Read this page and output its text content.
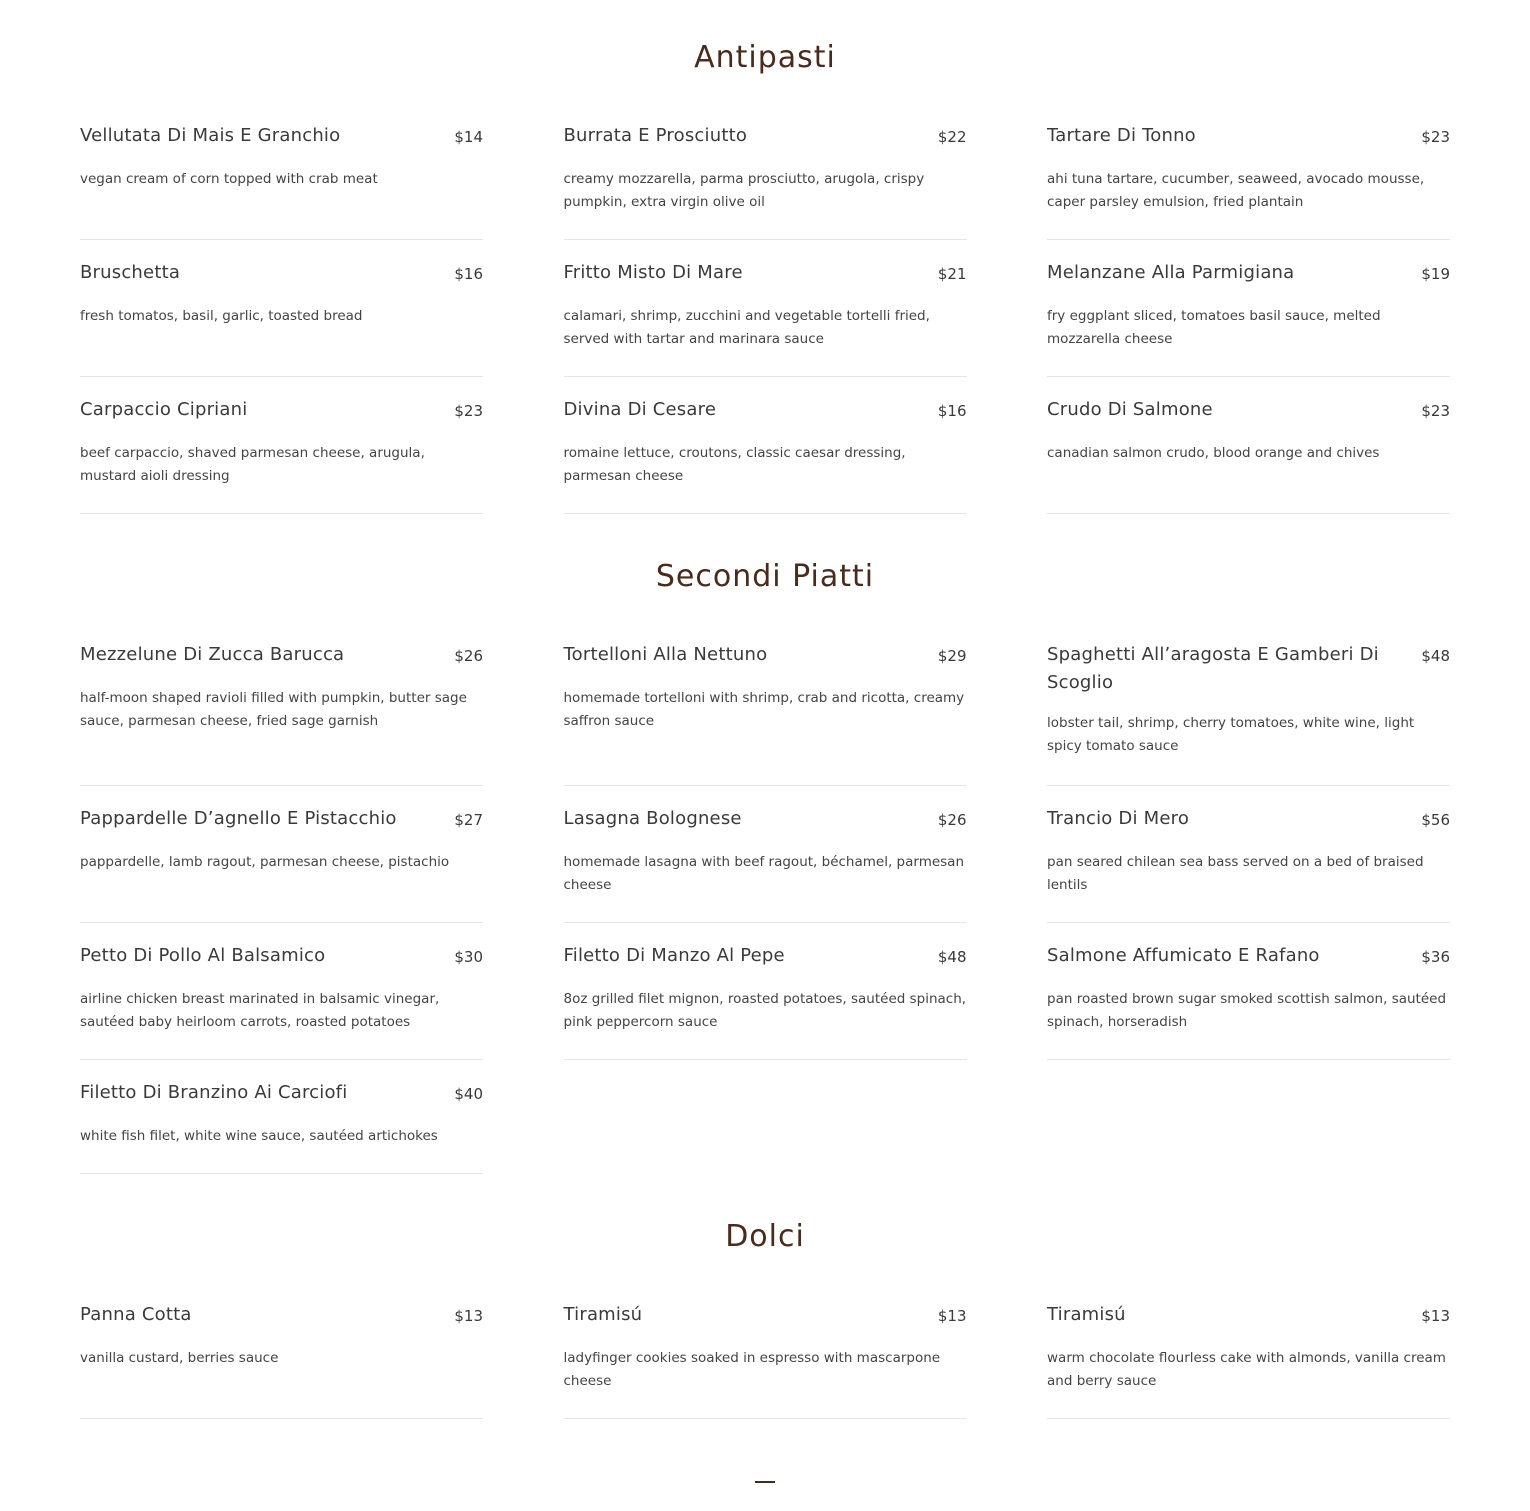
Antipasti
Vellutata Di Mais E Granchio	$14
vegan cream of corn topped with crab meat
Burrata E Prosciutto	$22
creamy mozzarella, parma prosciutto, arugola, crispy pumpkin, extra virgin olive oil
Tartare Di Tonno	$23
ahi tuna tartare, cucumber, seaweed, avocado mousse, caper parsley emulsion, fried plantain
Bruschetta	$16
fresh tomatos, basil, garlic, toasted bread
Fritto Misto Di Mare	$21
calamari, shrimp, zucchini and vegetable tortelli fried, served with tartar and marinara sauce
Melanzane Alla Parmigiana	$19
fry eggplant sliced, tomatoes basil sauce, melted mozzarella cheese
Carpaccio Cipriani	$23
beef carpaccio, shaved parmesan cheese, arugula, mustard aioli dressing
Divina Di Cesare	$16
romaine lettuce, croutons, classic caesar dressing, parmesan cheese
Crudo Di Salmone	$23
canadian salmon crudo, blood orange and chives
Secondi Piatti
Mezzelune Di Zucca Barucca	$26
half-moon shaped ravioli filled with pumpkin, butter sage sauce, parmesan cheese, fried sage garnish
Tortelloni Alla Nettuno	$29
homemade tortelloni with shrimp, crab and ricotta, creamy saffron sauce
Spaghetti All’aragosta E Gamberi Di Scoglio
$48
lobster tail, shrimp, cherry tomatoes, white wine, light spicy tomato sauce
Pappardelle D’agnello E Pistacchio	$27
pappardelle, lamb ragout, parmesan cheese, pistachio
Lasagna Bolognese	$26
homemade lasagna with beef ragout, béchamel, parmesan cheese
Trancio Di Mero	$56
pan seared chilean sea bass served on a bed of braised lentils
Petto Di Pollo Al Balsamico	$30
airline chicken breast marinated in balsamic vinegar, sautéed baby heirloom carrots, roasted potatoes
Filetto Di Manzo Al Pepe	$48
8oz grilled filet mignon, roasted potatoes, sautéed spinach, pink peppercorn sauce
Salmone Affumicato E Rafano	$36
pan roasted brown sugar smoked scottish salmon, sautéed spinach, horseradish
Filetto Di Branzino Ai Carciofi	$40
white fish filet, white wine sauce, sautéed artichokes
Dolci
Panna Cotta	$13
vanilla custard, berries sauce
Tiramisú	$13
ladyfinger cookies soaked in espresso with mascarpone cheese
Tiramisú	$13
warm chocolate flourless cake with almonds, vanilla cream and berry sauce
